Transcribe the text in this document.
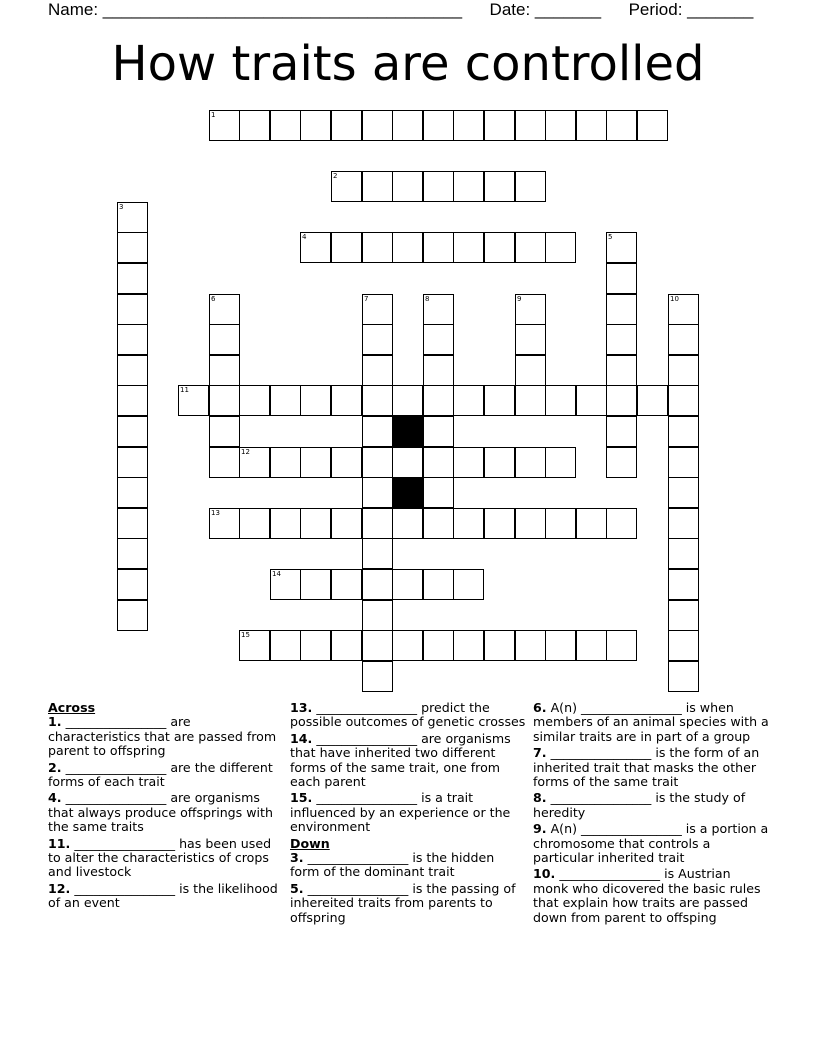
Name: ______________________________________ Date: _______ Period: _______
How traits are controlled
1
2
3
4	5
6	7	8	9	10
11
12
13
14
15
Across
1. ________________ are characteristics that are passed from parent to offspring
2. ________________ are the different forms of each trait
4. ________________ are organisms that always produce offsprings with the same traits
11. ________________ has been used to alter the characteristics of crops and livestock
12. ________________ is the likelihood of an event
13. ________________ predict the possible outcomes of genetic crosses
14. ________________ are organisms that have inherited two different forms of the same trait, one from each parent
15. ________________ is a trait influenced by an experience or the environment
Down
3. ________________ is the hidden form of the dominant trait
5. ________________ is the passing of inhereited traits from parents to offspring
6. A(n) ________________ is when members of an animal species with a similar traits are in part of a group
7. ________________ is the form of an inherited trait that masks the other forms of the same trait
8. ________________ is the study of heredity
9. A(n) ________________ is a portion a chromosome that controls a particular inherited trait
10. ________________ is Austrian monk who dicovered the basic rules that explain how traits are passed down from parent to offsping
